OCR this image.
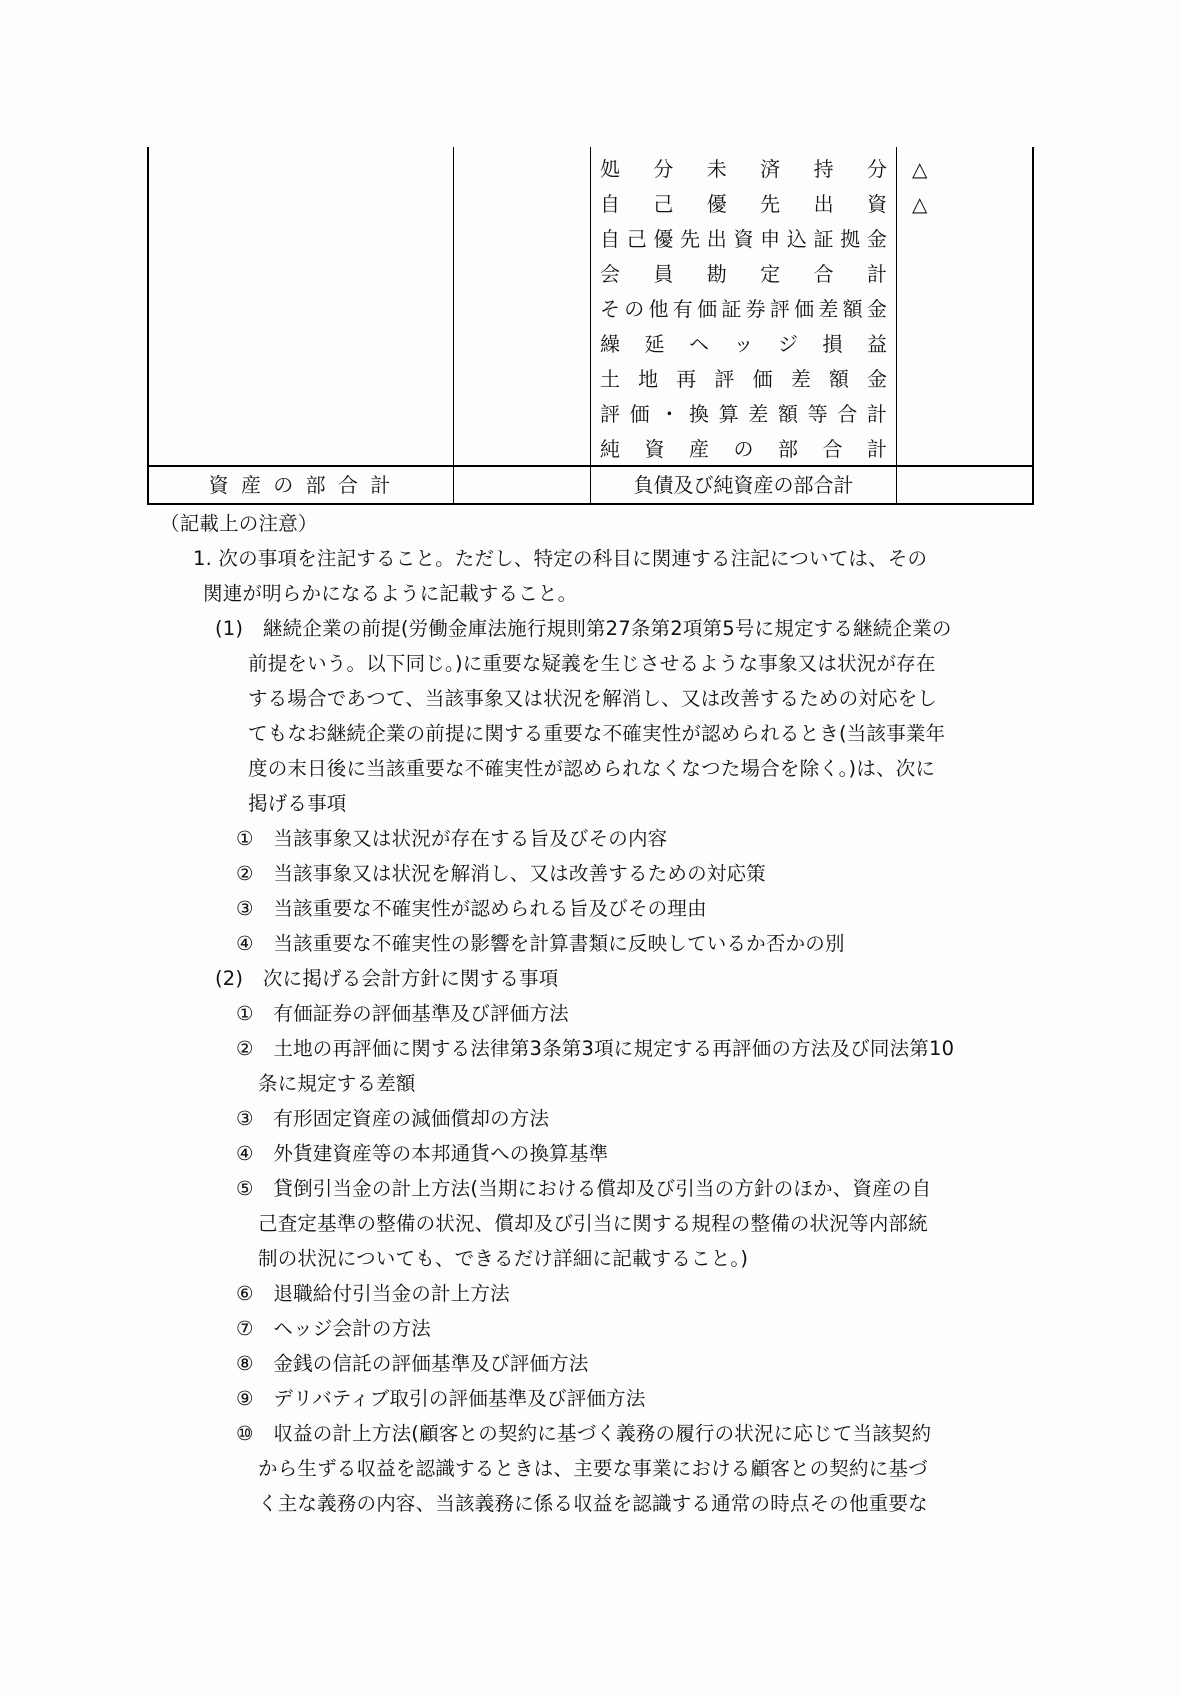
処 分 未 済 持 分 △
自 己 優 先 出 資 △
自 己 優 先 出 資 申 込 証 拠 金
会 員 勘 定 合 計
そ の 他 有 価 証 券 評 価 差 額 金
繰 延 ヘ ッ ジ 損 益
土 地 再 評 価 差 額 金
評 価 ・ 換 算 差 額 等 合 計
純 資 産 の 部 合 計
資 産 の 部 合 計	負債及び純資産の部合計
（記載上の注意）
1. 次の事項を注記すること。ただし、特定の科目に関連する注記については、その
関連が明らかになるように記載すること。
(1)　継続企業の前提(労働金庫法施行規則第27条第2項第5号に規定する継続企業の
前提をいう。以下同じ。)に重要な疑義を生じさせるような事象又は状況が存在
する場合であつて、当該事象又は状況を解消し、又は改善するための対応をし
てもなお継続企業の前提に関する重要な不確実性が認められるとき(当該事業年
度の末日後に当該重要な不確実性が認められなくなつた場合を除く。)は、次に
掲げる事項
①　当該事象又は状況が存在する旨及びその内容
②　当該事象又は状況を解消し、又は改善するための対応策
③　当該重要な不確実性が認められる旨及びその理由
④　当該重要な不確実性の影響を計算書類に反映しているか否かの別
(2)　次に掲げる会計方針に関する事項
①　有価証券の評価基準及び評価方法
②　土地の再評価に関する法律第3条第3項に規定する再評価の方法及び同法第10
条に規定する差額
③　有形固定資産の減価償却の方法
④　外貨建資産等の本邦通貨への換算基準
⑤　貸倒引当金の計上方法(当期における償却及び引当の方針のほか、資産の自
己査定基準の整備の状況、償却及び引当に関する規程の整備の状況等内部統
制の状況についても、できるだけ詳細に記載すること。)
⑥　退職給付引当金の計上方法
⑦　ヘッジ会計の方法
⑧　金銭の信託の評価基準及び評価方法
⑨　デリバティブ取引の評価基準及び評価方法
⑩　収益の計上方法(顧客との契約に基づく義務の履行の状況に応じて当該契約
から生ずる収益を認識するときは、主要な事業における顧客との契約に基づ
く主な義務の内容、当該義務に係る収益を認識する通常の時点その他重要な
